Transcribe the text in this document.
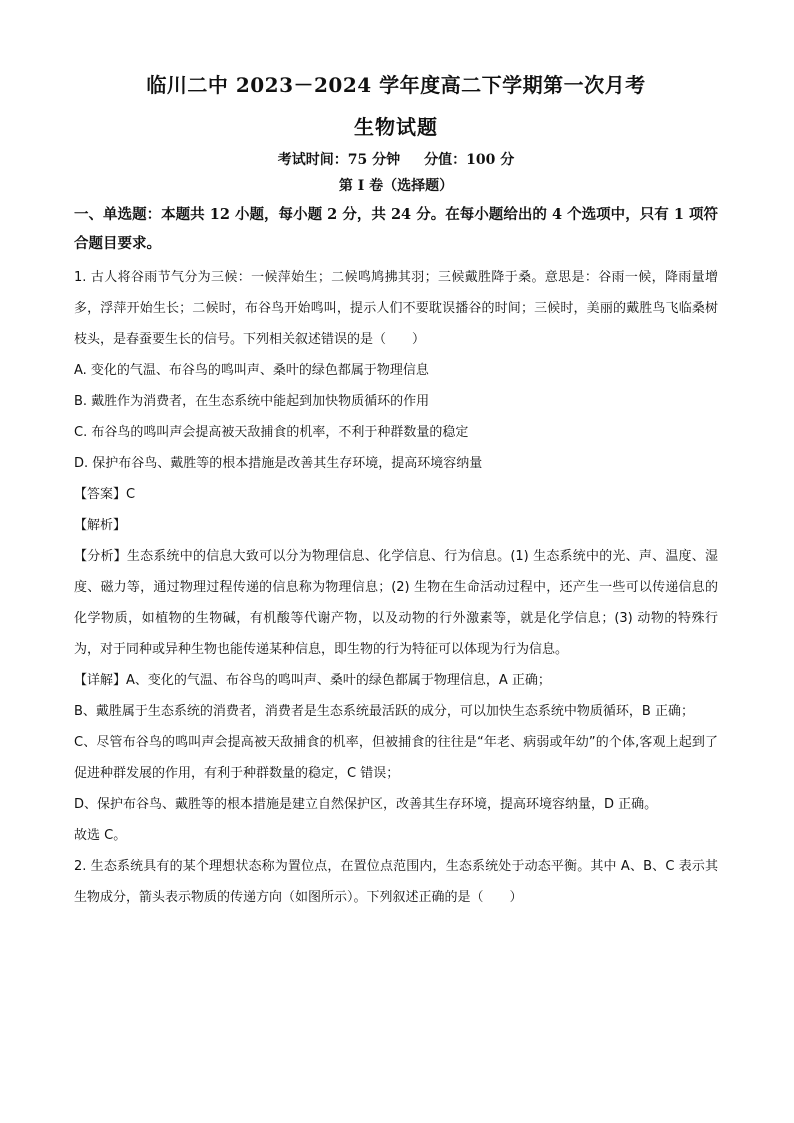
临川二中 2023－2024 学年度高二下学期第一次月考
生物试题
考试时间：75 分钟 分值：100 分
第 I 卷（选择题）
一、单选题：本题共 12 小题，每小题 2 分，共 24 分。在每小题给出的 4 个选项中，只有 1 项符合题目要求。

1. 古人将谷雨节气分为三候：一候萍始生；二候鸣鸠拂其羽；三候戴胜降于桑。意思是：谷雨一候，降雨量增多，浮萍开始生长；二候时，布谷鸟开始鸣叫，提示人们不要耽误播谷的时间；三候时，美丽的戴胜鸟飞临桑树枝头，是春蚕要生长的信号。下列相关叙述错误的是（　　）

A. 变化的气温、布谷鸟的鸣叫声、桑叶的绿色都属于物理信息

B. 戴胜作为消费者，在生态系统中能起到加快物质循环的作用

C. 布谷鸟的鸣叫声会提高被天敌捕食的机率，不利于种群数量的稳定

D. 保护布谷鸟、戴胜等的根本措施是改善其生存环境，提高环境容纳量

【答案】C

【解析】

【分析】生态系统中的信息大致可以分为物理信息、化学信息、行为信息。(1) 生态系统中的光、声、温度、湿度、磁力等，通过物理过程传递的信息称为物理信息；(2) 生物在生命活动过程中，还产生一些可以传递信息的化学物质，如植物的生物碱，有机酸等代谢产物，以及动物的行外激素等，就是化学信息；(3) 动物的特殊行为，对于同种或异种生物也能传递某种信息，即生物的行为特征可以体现为行为信息。

【详解】A、变化的气温、布谷鸟的鸣叫声、桑叶的绿色都属于物理信息，A 正确；

B、戴胜属于生态系统的消费者，消费者是生态系统最活跃的成分，可以加快生态系统中物质循环，B 正确；

C、尽管布谷鸟的鸣叫声会提高被天敌捕食的机率，但被捕食的往往是“年老、病弱或年幼”的个体,客观上起到了促进种群发展的作用，有利于种群数量的稳定，C 错误；

D、保护布谷鸟、戴胜等的根本措施是建立自然保护区，改善其生存环境，提高环境容纳量，D 正确。

故选 C。

2. 生态系统具有的某个理想状态称为置位点，在置位点范围内，生态系统处于动态平衡。其中 A、B、C 表示其生物成分，箭头表示物质的传递方向（如图所示）。下列叙述正确的是（　　）
